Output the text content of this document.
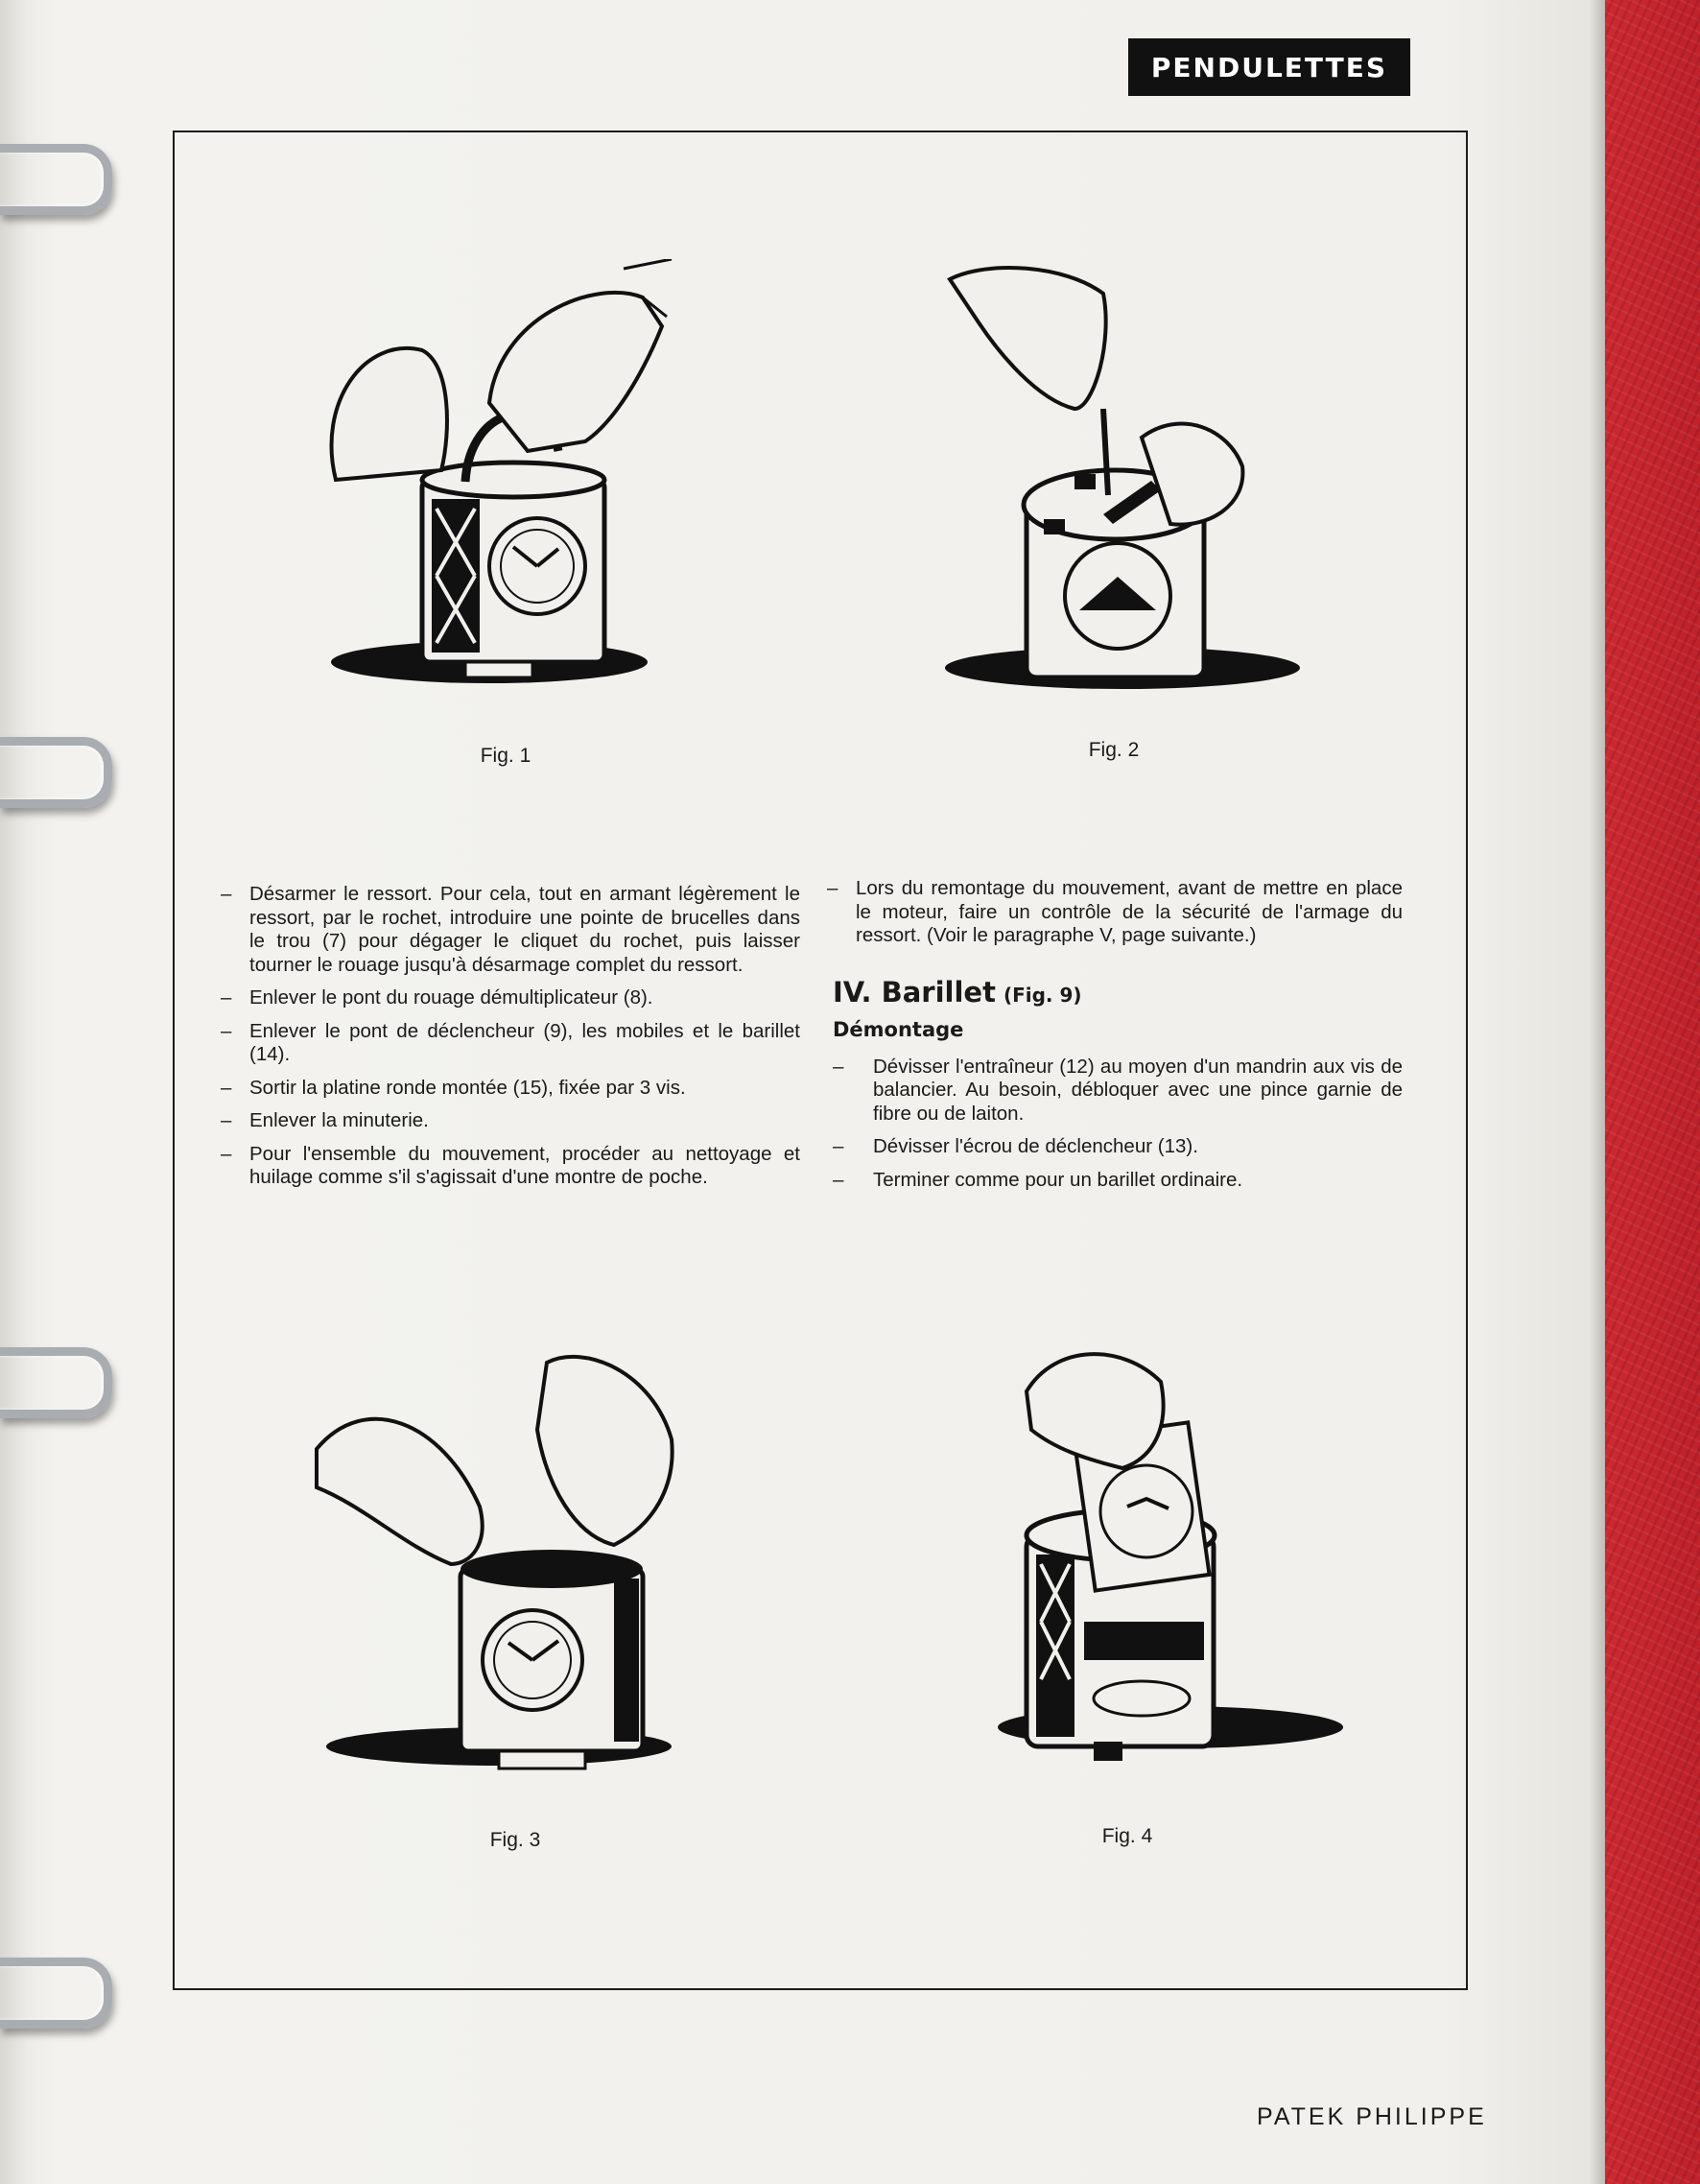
PENDULETTES
Fig. 1	Fig. 2
– Désarmer le ressort. Pour cela, tout en armant légèrement le ressort, par le rochet, introduire une pointe de brucelles dans le trou (7) pour dégager le cliquet du rochet, puis laisser tourner le rouage jusqu'à désarmage complet du ressort.
– Enlever le pont du rouage démultiplicateur (8).
– Enlever le pont de déclencheur (9), les mobiles et le barillet (14).
– Sortir la platine ronde montée (15), fixée par 3 vis.
– Enlever la minuterie.
– Pour l'ensemble du mouvement, procéder au nettoyage et huilage comme s'il s'agissait d'une montre de poche.
– Lors du remontage du mouvement, avant de mettre en place le moteur, faire un contrôle de la sécurité de l'armage du ressort. (Voir le paragraphe V, page suivante.)
IV. Barillet (Fig. 9)
Démontage
– Dévisser l'entraîneur (12) au moyen d'un mandrin aux vis de balancier. Au besoin, débloquer avec une pince garnie de fibre ou de laiton.
– Dévisser l'écrou de déclencheur (13).
– Terminer comme pour un barillet ordinaire.
Fig. 3	Fig. 4
PATEK PHILIPPE
